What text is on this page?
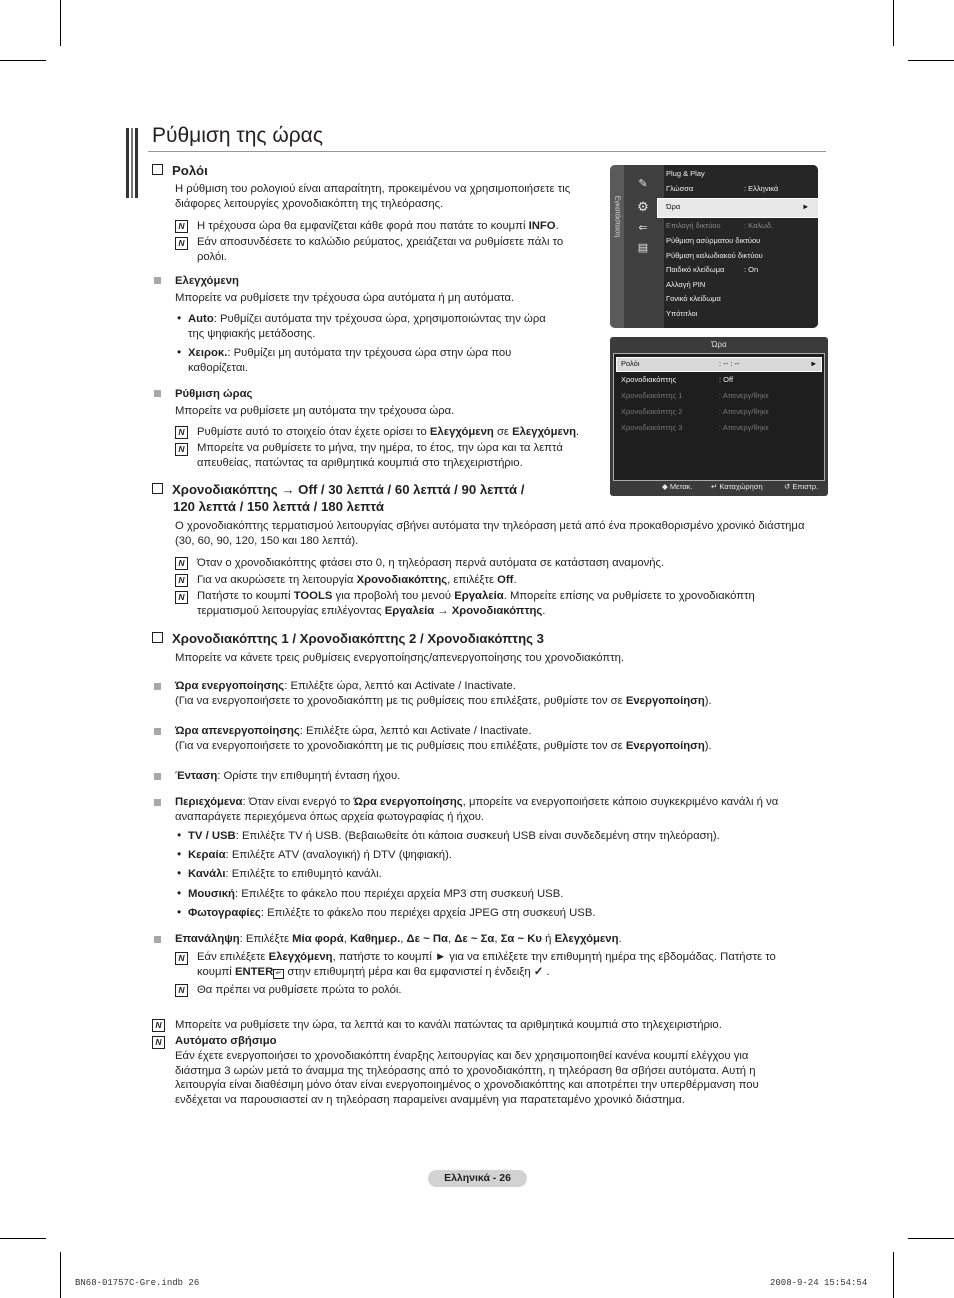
Ρύθμιση της ώρας
Ρολόι
Η ρύθμιση του ρολογιού είναι απαραίτητη, προκειμένου να χρησιμοποιήσετε τις
διάφορες λειτουργίες χρονοδιακόπτη της τηλεόρασης.
N	Η τρέχουσα ώρα θα εμφανίζεται κάθε φορά που πατάτε το κουμπί INFO.
N	Εάν αποσυνδέσετε το καλώδιο ρεύματος, χρειάζεται να ρυθμίσετε πάλι το
ρολόι.
Ελεγχόμενη
Μπορείτε να ρυθμίσετε την τρέχουσα ώρα αυτόματα ή μη αυτόματα.
• Auto: Ρυθμίζει αυτόματα την τρέχουσα ώρα, χρησιμοποιώντας την ώρα
της ψηφιακής μετάδοσης.
• Χειροκ.: Ρυθμίζει μη αυτόματα την τρέχουσα ώρα στην ώρα που
καθορίζεται.
Ρύθμιση ώρας
Μπορείτε να ρυθμίσετε μη αυτόματα την τρέχουσα ώρα.
N	Ρυθμίστε αυτό το στοιχείο όταν έχετε ορίσει το Ελεγχόμενη σε Ελεγχόμενη.
N	Μπορείτε να ρυθμίσετε το μήνα, την ημέρα, το έτος, την ώρα και τα λεπτά
απευθείας, πατώντας τα αριθμητικά κουμπιά στο τηλεχειριστήριο.
Εγκατάσταση
✎
⚙
⇐
▤
Plug & Play
Γλώσσα	: Ελληνικά
Ώρα	►
Επιλογή δικτύου	: Καλωδ.
Ρύθμιση ασύρματου δικτύου
Ρύθμιση καλωδιακού δικτύου
Παιδικό κλείδωμα	: On
Αλλαγή PIN
Γονικό κλείδωμα
Υπότιτλοι
Ώρα
Ρολόι	: -- : --	►
Χρονοδιακόπτης	: Off
Χρονοδιακόπτης 1	: Απενεργ/θηκε
Χρονοδιακόπτης 2	: Απενεργ/θηκε
Χρονοδιακόπτης 3	: Απενεργ/θηκε
◆ Μετακ. ↵ Καταχώρηση	↺ Επιστρ.
Χρονοδιακόπτης → Off / 30 λεπτά / 60 λεπτά / 90 λεπτά /
120 λεπτά / 150 λεπτά / 180 λεπτά
Ο χρονοδιακόπτης τερματισμού λειτουργίας σβήνει αυτόματα την τηλεόραση μετά από ένα προκαθορισμένο χρονικό διάστημα
(30, 60, 90, 120, 150 και 180 λεπτά).
N	Όταν ο χρονοδιακόπτης φτάσει στο 0, η τηλεόραση περνά αυτόματα σε κατάσταση αναμονής.
N	Για να ακυρώσετε τη λειτουργία Χρονοδιακόπτης, επιλέξτε Off.
N	Πατήστε το κουμπί TOOLS για προβολή του μενού Εργαλεία. Μπορείτε επίσης να ρυθμίσετε το χρονοδιακόπτη
τερματισμού λειτουργίας επιλέγοντας Εργαλεία → Χρονοδιακόπτης.
Χρονοδιακόπτης 1 / Χρονοδιακόπτης 2 / Χρονοδιακόπτης 3
Μπορείτε να κάνετε τρεις ρυθμίσεις ενεργοποίησης/απενεργοποίησης του χρονοδιακόπτη.
Ώρα ενεργοποίησης: Επιλέξτε ώρα, λεπτό και Activate / Inactivate.
(Για να ενεργοποιήσετε το χρονοδιακόπτη με τις ρυθμίσεις που επιλέξατε, ρυθμίστε τον σε Ενεργοποίηση).
Ώρα απενεργοποίησης: Επιλέξτε ώρα, λεπτό και Activate / Inactivate.
(Για να ενεργοποιήσετε το χρονοδιακόπτη με τις ρυθμίσεις που επιλέξατε, ρυθμίστε τον σε Ενεργοποίηση).
Ένταση: Ορίστε την επιθυμητή ένταση ήχου.
Περιεχόμενα: Όταν είναι ενεργό το Ώρα ενεργοποίησης, μπορείτε να ενεργοποιήσετε κάποιο συγκεκριμένο κανάλι ή να
αναπαράγετε περιεχόμενα όπως αρχεία φωτογραφίας ή ήχου.
• TV / USB: Επιλέξτε TV ή USB. (Βεβαιωθείτε ότι κάποια συσκευή USB είναι συνδεδεμένη στην τηλεόραση).
• Κεραία: Επιλέξτε ATV (αναλογική) ή DTV (ψηφιακή).
• Κανάλι: Επιλέξτε το επιθυμητό κανάλι.
• Μουσική: Επιλέξτε το φάκελο που περιέχει αρχεία MP3 στη συσκευή USB.
• Φωτογραφίες: Επιλέξτε το φάκελο που περιέχει αρχεία JPEG στη συσκευή USB.
Επανάληψη: Επιλέξτε Μία φορά, Καθημερ., Δε ~ Πα, Δε ~ Σα, Σα ~ Κυ ή Ελεγχόμενη.
N	Εάν επιλέξετε Ελεγχόμενη, πατήστε το κουμπί ► για να επιλέξετε την επιθυμητή ημέρα της εβδομάδας. Πατήστε το
κουμπί ENTER ↵ στην επιθυμητή μέρα και θα εμφανιστεί η ένδειξη ✓ .
N	Θα πρέπει να ρυθμίσετε πρώτα το ρολόι.
N	Μπορείτε να ρυθμίσετε την ώρα, τα λεπτά και το κανάλι πατώντας τα αριθμητικά κουμπιά στο τηλεχειριστήριο.
N	Αυτόματο σβήσιμο
Εάν έχετε ενεργοποιήσει το χρονοδιακόπτη έναρξης λειτουργίας και δεν χρησιμοποιηθεί κανένα κουμπί ελέγχου για
διάστημα 3 ωρών μετά το άναμμα της τηλεόρασης από το χρονοδιακόπτη, η τηλεόραση θα σβήσει αυτόματα. Αυτή η
λειτουργία είναι διαθέσιμη μόνο όταν είναι ενεργοποιημένος ο χρονοδιακόπτης και αποτρέπει την υπερθέρμανση που
ενδέχεται να παρουσιαστεί αν η τηλεόραση παραμείνει αναμμένη για παρατεταμένο χρονικό διάστημα.
Ελληνικά - 26
BN68-01757C-Gre.indb 26	2008-9-24 15:54:54
